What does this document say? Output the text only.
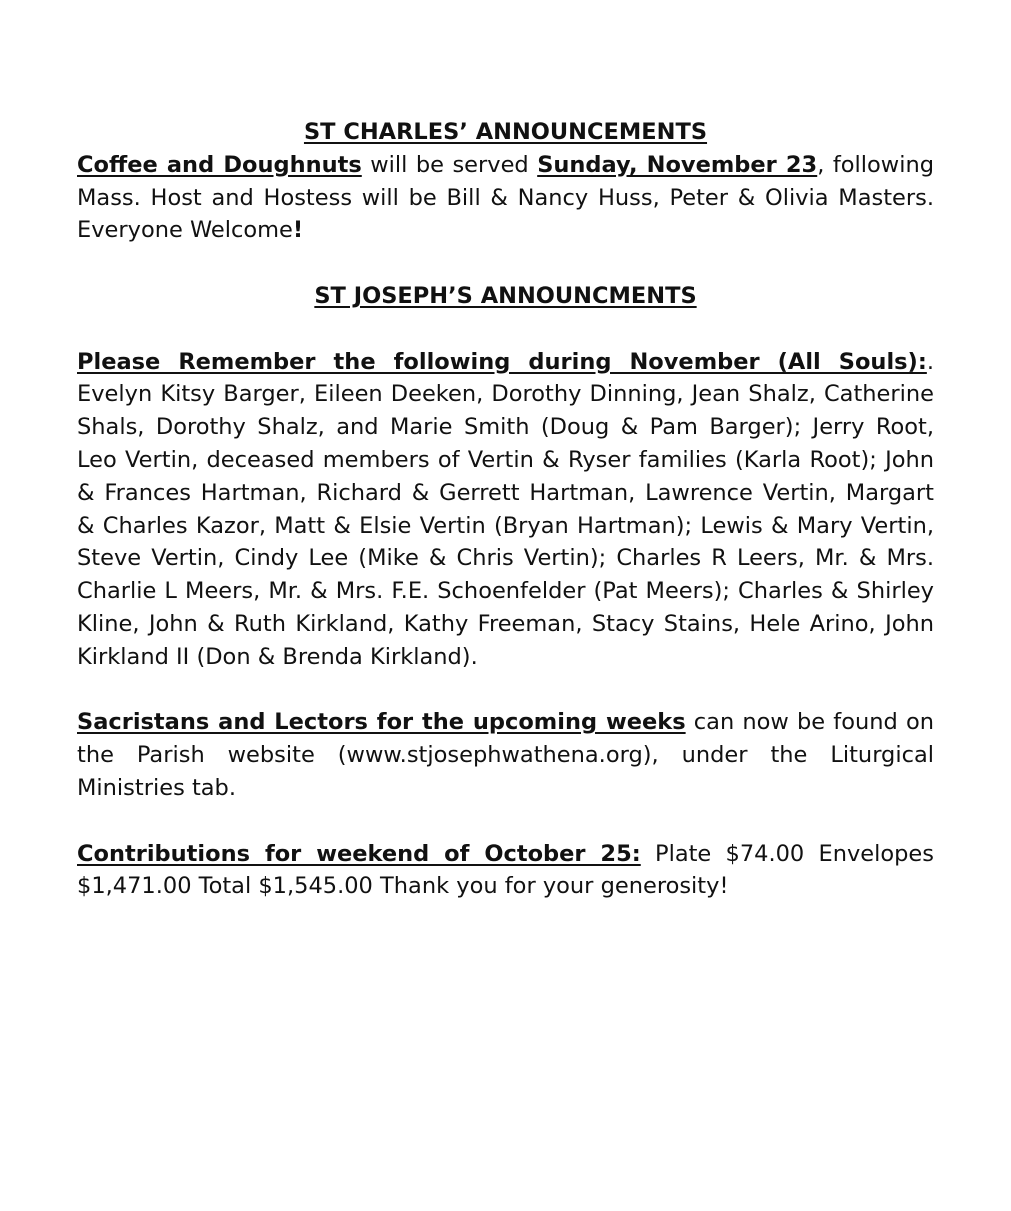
ST CHARLES’ ANNOUNCEMENTS

Coffee and Doughnuts will be served Sunday, November 23, following Mass. Host and Hostess will be Bill & Nancy Huss, Peter & Olivia Masters. Everyone Welcome!

ST JOSEPH’S ANNOUNCMENTS

Please Remember the following during November (All Souls):. Evelyn Kitsy Barger, Eileen Deeken, Dorothy Dinning, Jean Shalz, Catherine Shals, Dorothy Shalz, and Marie Smith (Doug & Pam Barger); Jerry Root, Leo Vertin, deceased members of Vertin & Ryser families (Karla Root); John & Frances Hartman, Richard & Gerrett Hartman, Lawrence Vertin, Margart & Charles Kazor, Matt & Elsie Vertin (Bryan Hartman); Lewis & Mary Vertin, Steve Vertin, Cindy Lee (Mike & Chris Vertin); Charles R Leers, Mr. & Mrs. Charlie L Meers, Mr. & Mrs. F.E. Schoenfelder (Pat Meers); Charles & Shirley Kline, John & Ruth Kirkland, Kathy Freeman, Stacy Stains, Hele Arino, John Kirkland II (Don & Brenda Kirkland).

Sacristans and Lectors for the upcoming weeks can now be found on the Parish website (www.stjosephwathena.org), under the Liturgical Ministries tab.

Contributions for weekend of October 25: Plate $74.00 Envelopes $1,471.00 Total $1,545.00 Thank you for your generosity!
